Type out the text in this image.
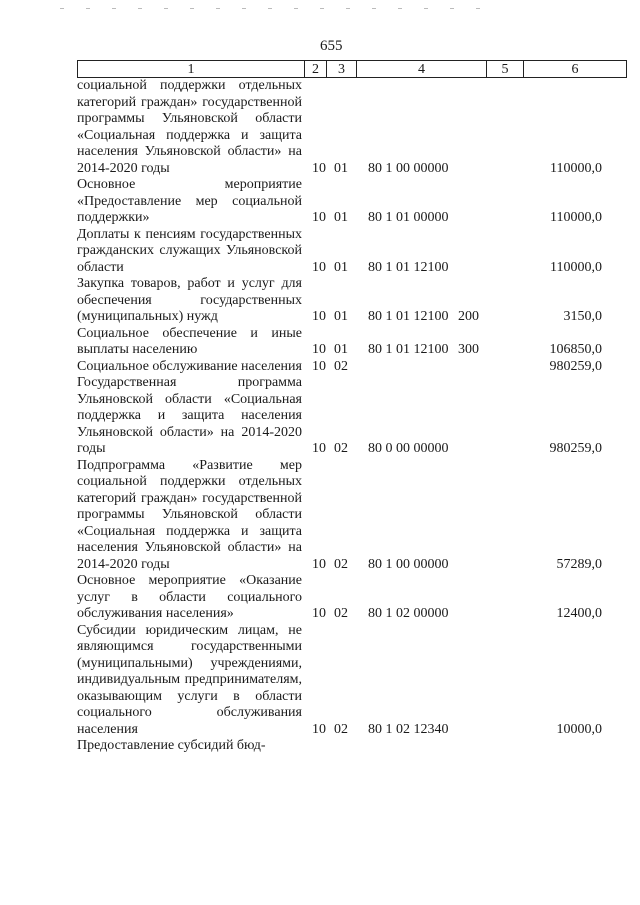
655
1	2	3	4	5	6
социальной поддержки отдельных категорий граждан» государственной программы Ульяновской области «Социальная поддержка и защита населения Ульяновской области» на 2014-2020 годы	10 01	80 1 00 00000	110000,0
Основное мероприятие «Предоставление мер социальной поддержки»	10 01	80 1 01 00000	110000,0
Доплаты к пенсиям государственных гражданских служащих Ульяновской области	10 01	80 1 01 12100	110000,0
Закупка товаров, работ и услуг для обеспечения государственных (муниципальных) нужд	10 01	80 1 01 12100 200	3150,0
Социальное обеспечение и иные выплаты населению	10 01	80 1 01 12100 300	106850,0
Социальное обслуживание населения 10 02	980259,0
Государственная программа Ульяновской области «Социальная поддержка и защита населения Ульяновской области» на 2014-2020 годы	10 02	80 0 00 00000	980259,0
Подпрограмма «Развитие мер социальной поддержки отдельных категорий граждан» государственной программы Ульяновской области «Социальная поддержка и защита населения Ульяновской области» на 2014-2020 годы	10 02	80 1 00 00000	57289,0
Основное мероприятие «Оказание услуг в области социального обслуживания населения»	10 02	80 1 02 00000	12400,0
Субсидии юридическим лицам, не являющимся государственными (муниципальными) учреждениями, индивидуальным предпринимателям, оказывающим услуги в области социального обслуживания населения	10 02	80 1 02 12340	10000,0
Предоставление субсидий бюд-
